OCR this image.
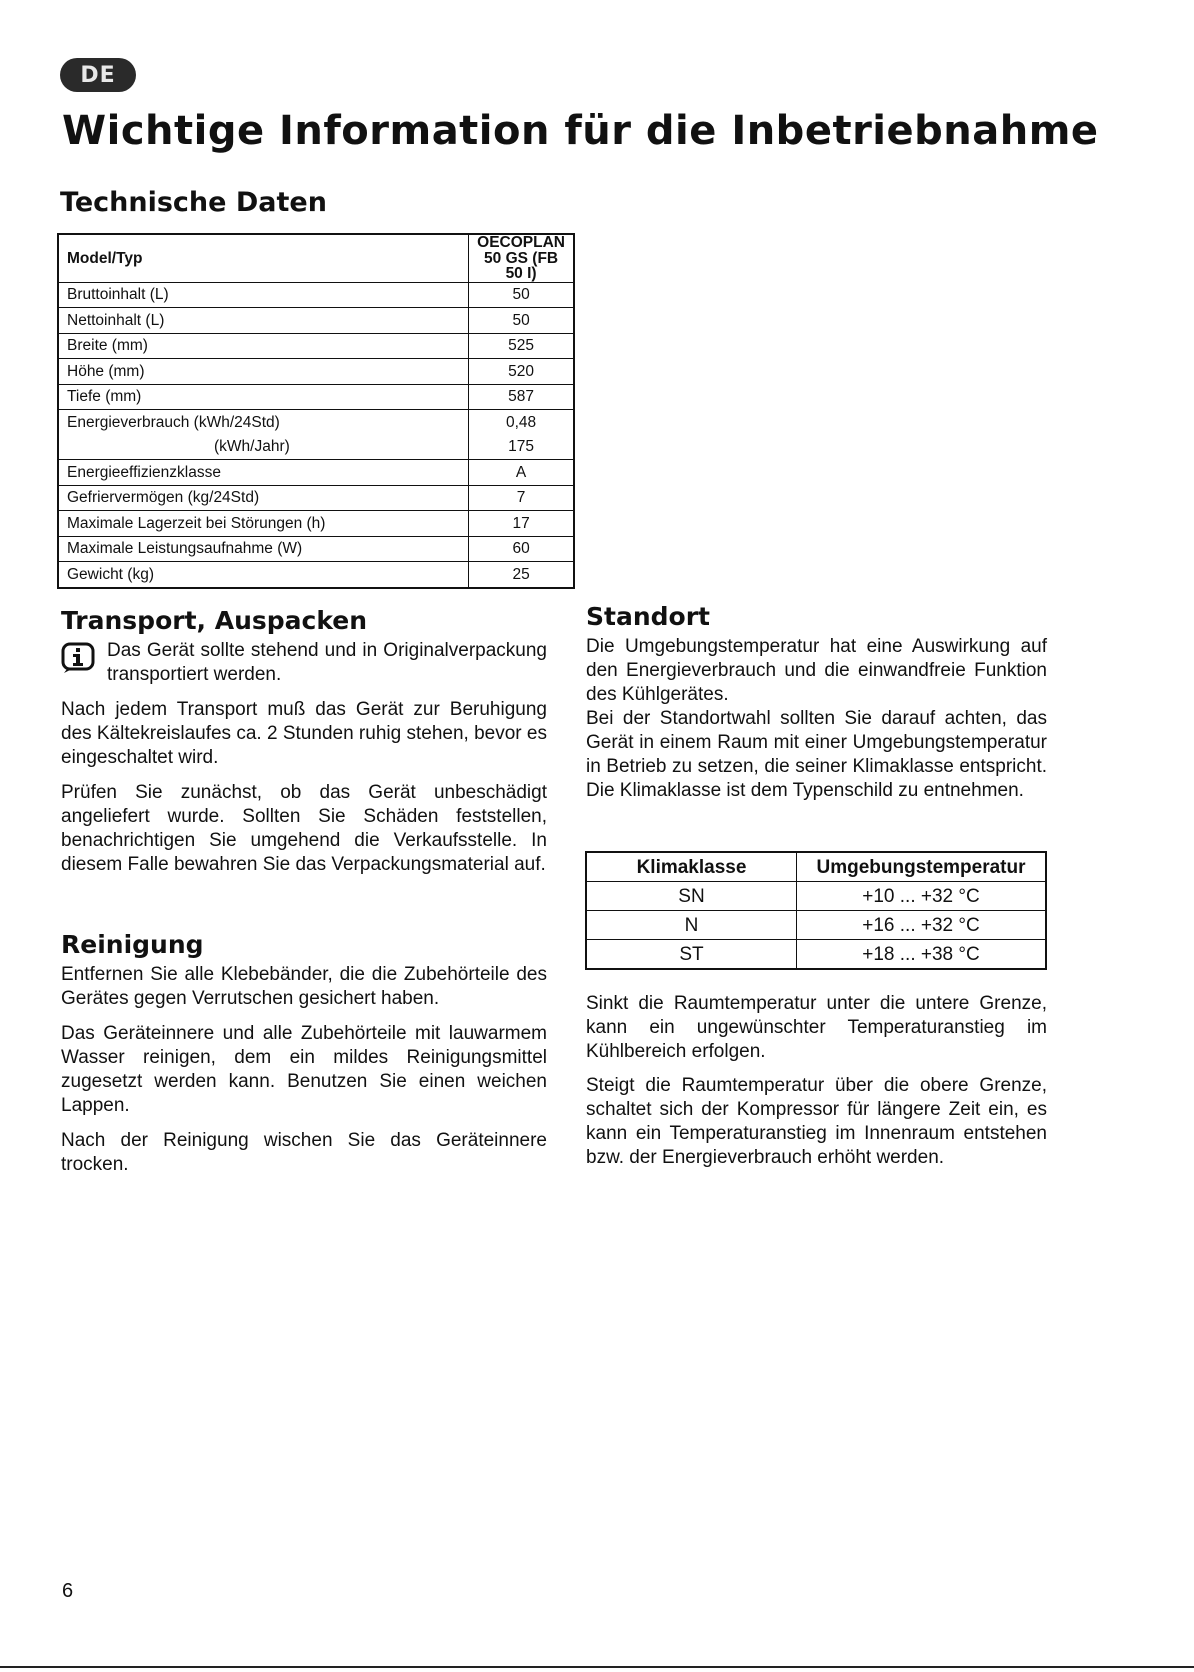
DE
Wichtige Information für die Inbetriebnahme
Technische Daten
Model/Typ	OECOPLAN 50 GS (FB 50 I)
Bruttoinhalt (L)	50
Nettoinhalt (L)	50
Breite (mm)	525
Höhe (mm)	520
Tiefe (mm)	587
Energieverbrauch (kWh/24Std)	0,48
(kWh/Jahr)	175
Energieeffizienzklasse	A
Gefriervermögen (kg/24Std)	7
Maximale Lagerzeit bei Störungen (h)	17
Maximale Leistungsaufnahme (W)	60
Gewicht (kg)	25
Transport, Auspacken

Das Gerät sollte stehend und in Originalverpackung transportiert werden.

Nach jedem Transport muß das Gerät zur Beruhigung des Kältekreislaufes ca. 2 Stunden ruhig stehen, bevor es eingeschaltet wird.

Prüfen Sie zunächst, ob das Gerät unbeschädigt angeliefert wurde. Sollten Sie Schäden feststellen, benachrichtigen Sie umgehend die Verkaufsstelle. In diesem Falle bewahren Sie das Verpackungsmaterial auf.

Reinigung

Entfernen Sie alle Klebebänder, die die Zubehörteile des Gerätes gegen Verrutschen gesichert haben.

Das Geräteinnere und alle Zubehörteile mit lauwarmem Wasser reinigen, dem ein mildes Reinigungsmittel zugesetzt werden kann. Benutzen Sie einen weichen Lappen.

Nach der Reinigung wischen Sie das Geräteinnere trocken.

Standort

Die Umgebungstemperatur hat eine Auswirkung auf den Energieverbrauch und die einwandfreie Funktion des Kühlgerätes.

Bei der Standortwahl sollten Sie darauf achten, das Gerät in einem Raum mit einer Umgebungstemperatur in Betrieb zu setzen, die seiner Klimaklasse entspricht. Die Klimaklasse ist dem Typenschild zu entnehmen.

Klimaklasse	Umgebungstemperatur
SN	+10 ... +32 °C
N	+16 ... +32 °C
ST	+18 ... +38 °C

Sinkt die Raumtemperatur unter die untere Grenze, kann ein ungewünschter Temperaturanstieg im Kühlbereich erfolgen.

Steigt die Raumtemperatur über die obere Grenze, schaltet sich der Kompressor für längere Zeit ein, es kann ein Temperaturanstieg im Innenraum entstehen bzw. der Energieverbrauch erhöht werden.

6
